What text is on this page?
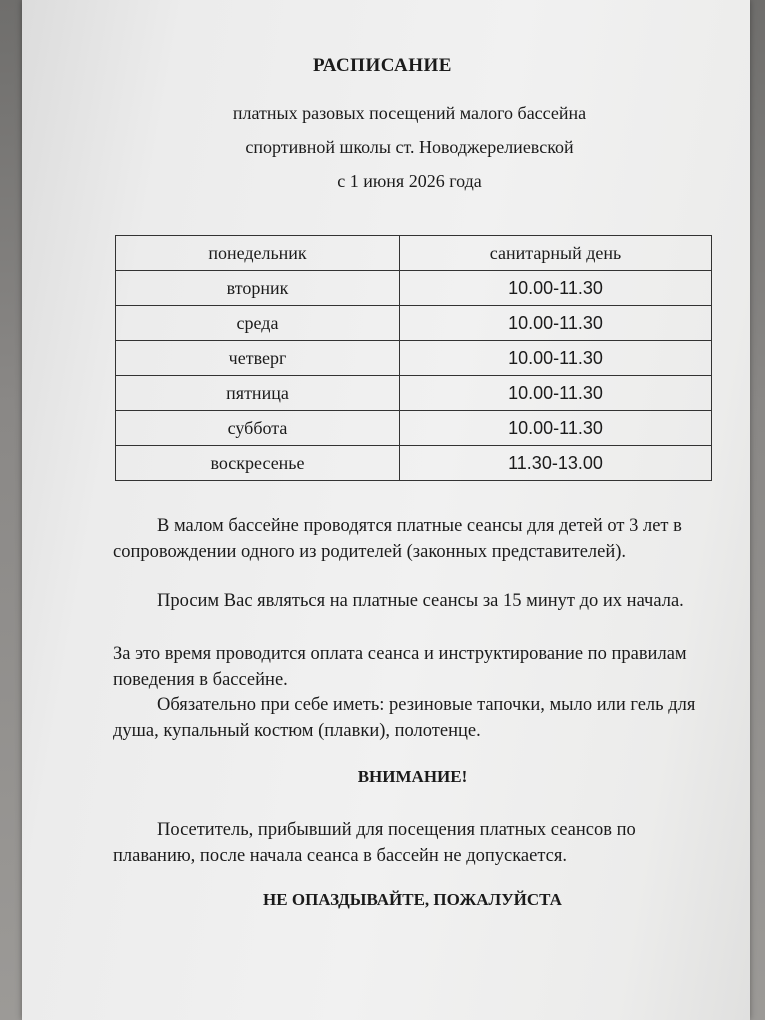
РАСПИСАНИЕ
платных разовых посещений малого бассейна
спортивной школы ст. Новоджерелиевской
с 1 июня 2026 года
понедельник	санитарный день
вторник	10.00-11.30
среда	10.00-11.30
четверг	10.00-11.30
пятница	10.00-11.30
суббота	10.00-11.30
воскресенье	11.30-13.00
В малом бассейне проводятся платные сеансы для детей от 3 лет в сопровождении одного из родителей (законных представителей).
Просим Вас являться на платные сеансы за 15 минут до их начала.
За это время проводится оплата сеанса и инструктирование по правилам поведения в бассейне.
Обязательно при себе иметь: резиновые тапочки, мыло или гель для душа, купальный костюм (плавки), полотенце.
ВНИМАНИЕ!
Посетитель, прибывший для посещения платных сеансов по плаванию, после начала сеанса в бассейн не допускается.
НЕ ОПАЗДЫВАЙТЕ, ПОЖАЛУЙСТА
